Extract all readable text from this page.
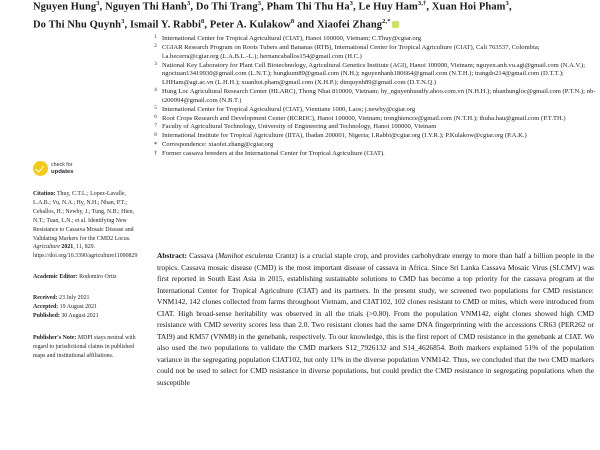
Nguyen Hung$^3$, Nguyen Thi Hanh$^3$, Do Thi Trang$^3$, Pham Thi Thu Ha$^3$, Le Huy Ham$^{3,\dagger}$, Xuan Hoi Pham$^3$,
Do Thi Nhu Quynh$^3$, Ismail Y. Rabbi$^8$, Peter A. Kulakow$^8$ and Xiaofei Zhang$^{2,*}$
1 International Center for Tropical Agricultural (CIAT), Hanoi 100000, Vietnam; C.Thuy@cgiar.org
2 CGIAR Research Program on Roots Tubers and Bananas (RTB), International Center for Tropical Agriculture (CIAT), Cali 763537, Colombia; l.a.becerra@cgiar.org (L.A.B.L.-L.); hernancaballos154@gmail.com (H.C.)
3 National Key Laboratory for Plant Cell Biotechnology, Agricultural Genetics Institute (AGI), Hanoi 100000, Vietnam; nguyen.anh.vu.agi@gmail.com (N.A.V.); ngoctuan13419930@gmail.com (L.N.T.); hungkum89@gmail.com (N.H.); nguyenhanh180664@gmail.com (N.T.H.); trangdo214@gmail.com (D.T.T.); LHHam@agi.ac.vn (L.H.H.); xuanhoi.pham@gmail.com (X.H.P.); dtnquynh89@gmail.com (D.T.N.Q.)
4 Hung Loc Agricultural Research Center (HLARC), Thong Nhat 810000, Vietnam; hy_nguyenhuudfy.ahoo.com.vn (N.H.H.); nhanhungloc@gmail.com (P.T.N.); nb-t200994@gmail.com (N.B.T.)
5 International Center for Tropical Agricultural (CIAT), Vientiane 1000, Laos; j.newby@cgiar.org
6 Root Crops Research and Development Center (RCRDC), Hanoi 100000, Vietnam; tronghiencce@gmail.com (N.T.H.); thuha.hau@gmail.com (P.T.TH.)
7 Faculty of Agricultural Technology, University of Engineering and Technology, Hanoi 100000, Vietnam
8 International Institute for Tropical Agriculture (IITA), Ibadan 200001, Nigeria; I.Rabbi@cgiar.org (I.Y.R.); P.Kulakow@cgiar.org (P.A.K.)
* Correspondence: xiaofei.zhang@cgiar.org
† Former cassava breeders at the International Center for Tropical Agriculture (CIAT).
check for
updates
Citation: Thuy, C.T.L.; Lopez-Lavalle, L.A.B.; Vu, N.A.; Hy, N.H.; Nhan, P.T.; Ceballos, H.; Newby, J.; Tung, N.B.; Hien, N.T.; Tuan, L.N.; et al. Identifying New Resistance to Cassava Mosaic Disease and Validating Markers for the CMD2 Locus. Agriculture 2021, 11, 829.
https://doi.org/10.3390/agriculture11090829
Academic Editor: Rodomiro Ortiz
Received: 23 July 2021
Accepted: 19 August 2021
Published: 30 August 2021
Publisher's Note: MDPI stays neutral with regard to jurisdictional claims in published maps and institutional affiliations.
Abstract: Cassava (Manihot esculenta Crantz) is a crucial staple crop, and provides carbohydrate energy to more than half a billion people in the tropics. Cassava mosaic disease (CMD) is the most important disease of cassava in Africa. Since Sri Lanka Cassava Mosaic Virus (SLCMV) was first reported in South East Asia in 2015, establishing sustainable solutions to CMD has become a top priority for the cassava program at the International Center for Tropical Agriculture (CIAT) and its partners. In the present study, we screened two populations for CMD resistance: VNM142, 142 clones collected from farms throughout Vietnam, and CIAT102, 102 clones resistant to CMD or mites, which were introduced from CIAT. High broad-sense heritability was observed in all the trials (>0.80). From the population VNM142, eight clones showed high CMD resistance with CMD severity scores less than 2.0. Two resistant clones had the same DNA fingerprinting with the accessions CR63 (PER262 or TAI9) and KM57 (VNM8) in the genebank, respectively. To our knowledge, this is the first report of CMD resistance in the genebank at CIAT. We also used the two populations to validate the CMD markers S12_7926132 and S14_4626854. Both markers explained 51% of the population variance in the segregating population CIAT102, but only 11% in the diverse population VNM142. Thus, we concluded that the two CMD markers could not be used to select for CMD resistance in diverse populations, but could predict the CMD resistance in segregating populations when the susceptible
